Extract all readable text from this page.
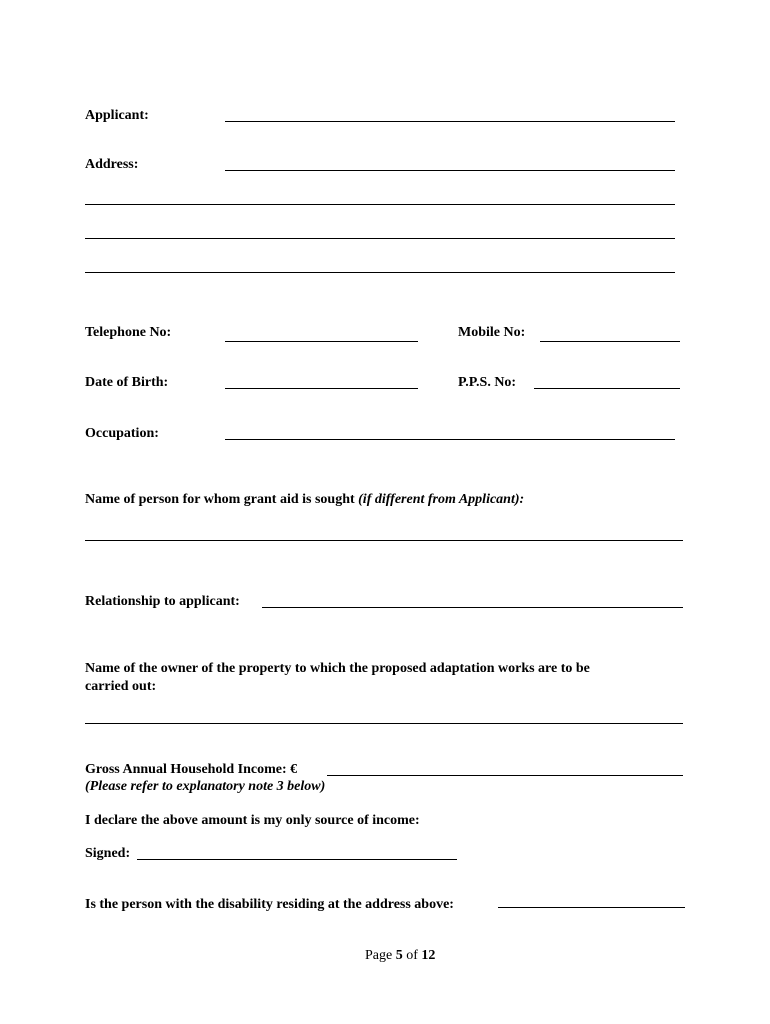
Applicant:
Address:
Telephone No:	Mobile No:
Date of Birth:	P.P.S. No:
Occupation:
Name of person for whom grant aid is sought (if different from Applicant):
Relationship to applicant:
Name of the owner of the property to which the proposed adaptation works are to be
carried out:
Gross Annual Household Income: €
(Please refer to explanatory note 3 below)
I declare the above amount is my only source of income:
Signed:
Is the person with the disability residing at the address above:
Page 5 of 12
